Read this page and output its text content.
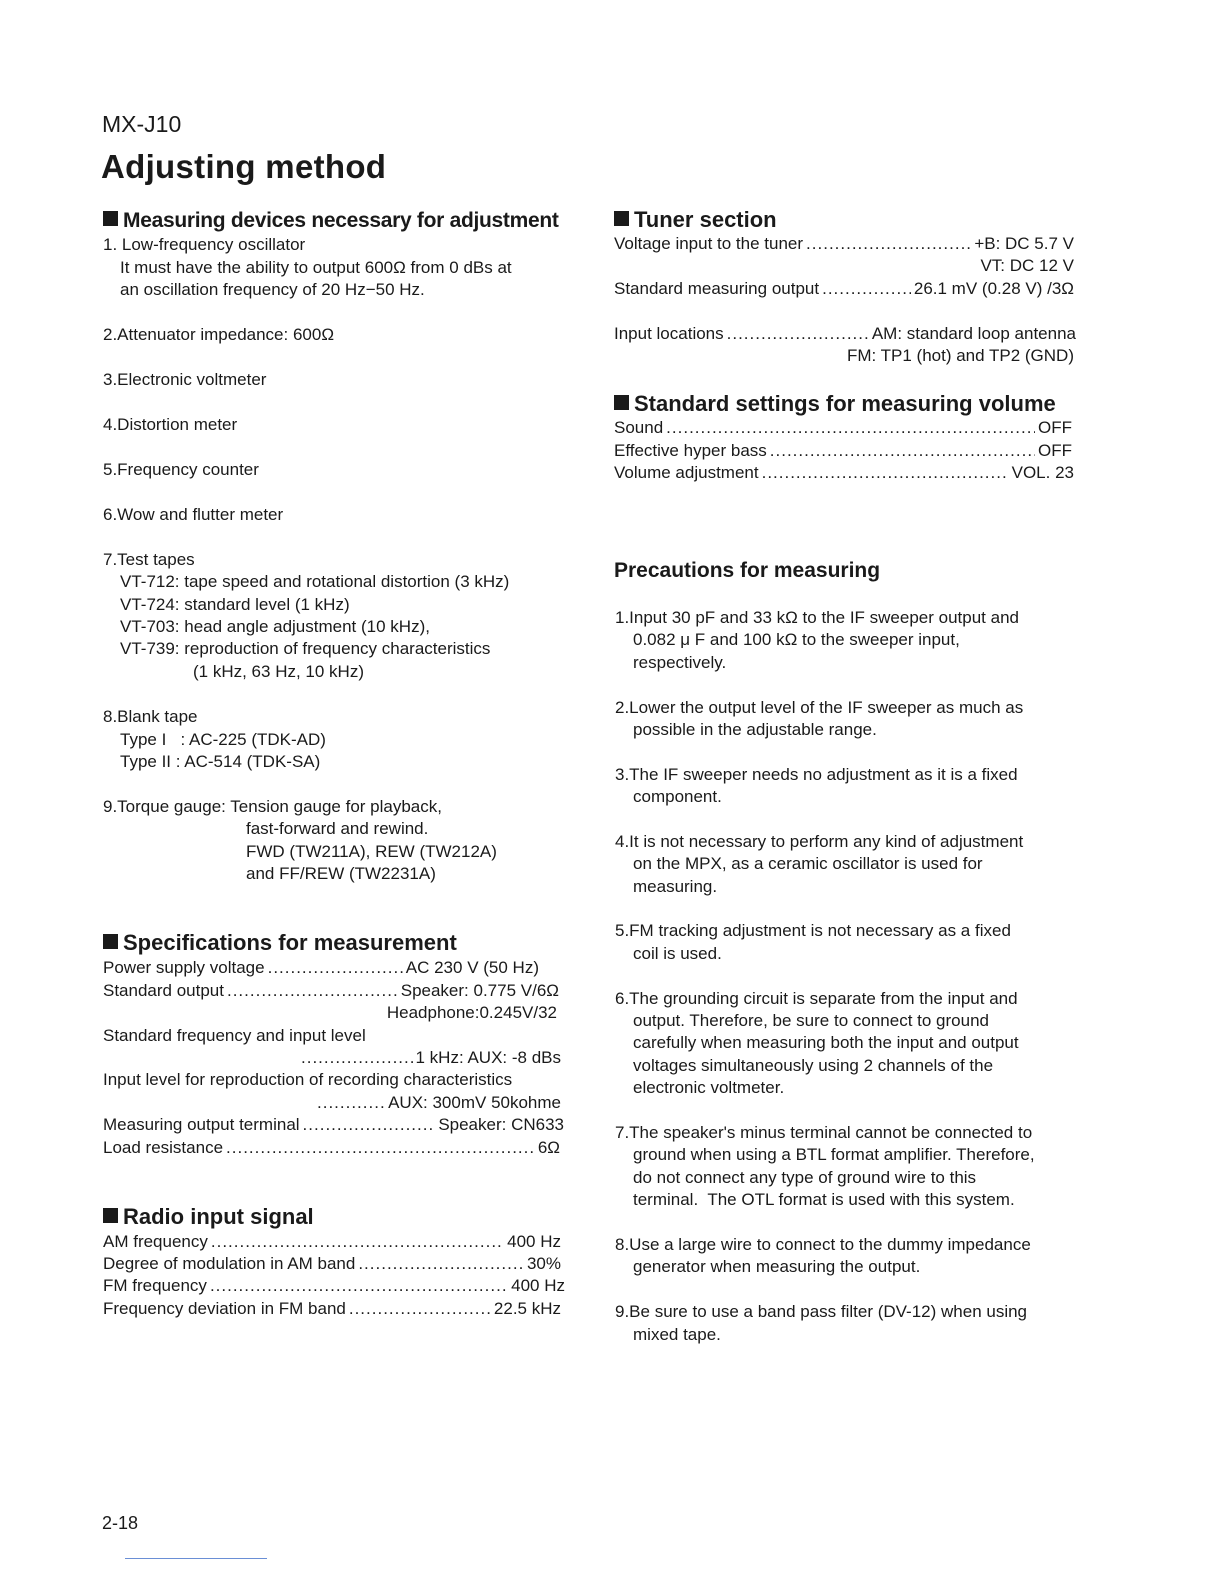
MX-J10
Adjusting method
Measuring devices necessary for adjustment
1. Low-frequency oscillator
It must have the ability to output 600Ω from 0 dBs at
an oscillation frequency of 20 Hz−50 Hz.
2.Attenuator impedance: 600Ω
3.Electronic voltmeter
4.Distortion meter
5.Frequency counter
6.Wow and flutter meter
7.Test tapes
VT-712: tape speed and rotational distortion (3 kHz)
VT-724: standard level (1 kHz)
VT-703: head angle adjustment (10 kHz),
VT-739: reproduction of frequency characteristics
(1 kHz, 63 Hz, 10 kHz)
8.Blank tape
Type I   : AC-225 (TDK-AD)
Type II : AC-514 (TDK-SA)
9.Torque gauge: Tension gauge for playback,
fast-forward and rewind.
FWD (TW211A), REW (TW212A)
and FF/REW (TW2231A)
Specifications for measurement
Power supply voltage .....	AC 230 V (50 Hz)
Standard output .....	Speaker: 0.775 V/6Ω
Headphone:0.245V/32
Standard frequency and input level
.....
1 kHz: AUX: -8 dBs
Input level for reproduction of recording characteristics
.....
AUX: 300mV 50kohme
Measuring output terminal .....	Speaker: CN633
Load resistance .....	6Ω
Radio input signal
AM frequency .....	400 Hz
Degree of modulation in AM band .....	30%
FM frequency .....	400 Hz
Frequency deviation in FM band .....	22.5 kHz
Tuner section
Voltage input to the tuner .....	+B: DC 5.7 V
VT: DC 12 V
Standard measuring output .....	26.1 mV (0.28 V) /3Ω
Input locations .....	AM: standard loop antenna
FM: TP1 (hot) and TP2 (GND)
Standard settings for measuring volume
Sound .....	OFF
Effective hyper bass .....	OFF
Volume adjustment .....	VOL. 23
Precautions for measuring
1.Input 30 pF and 33 kΩ to the IF sweeper output and
0.082 μ F and 100 kΩ to the sweeper input,
respectively.
2.Lower the output level of the IF sweeper as much as
possible in the adjustable range.
3.The IF sweeper needs no adjustment as it is a fixed
component.
4.It is not necessary to perform any kind of adjustment
on the MPX, as a ceramic oscillator is used for
measuring.
5.FM tracking adjustment is not necessary as a fixed
coil is used.
6.The grounding circuit is separate from the input and
output. Therefore, be sure to connect to ground
carefully when measuring both the input and output
voltages simultaneously using 2 channels of the
electronic voltmeter.
7.The speaker's minus terminal cannot be connected to
ground when using a BTL format amplifier. Therefore,
do not connect any type of ground wire to this
terminal.  The OTL format is used with this system.
8.Use a large wire to connect to the dummy impedance
generator when measuring the output.
9.Be sure to use a band pass filter (DV-12) when using
mixed tape.
2-18
